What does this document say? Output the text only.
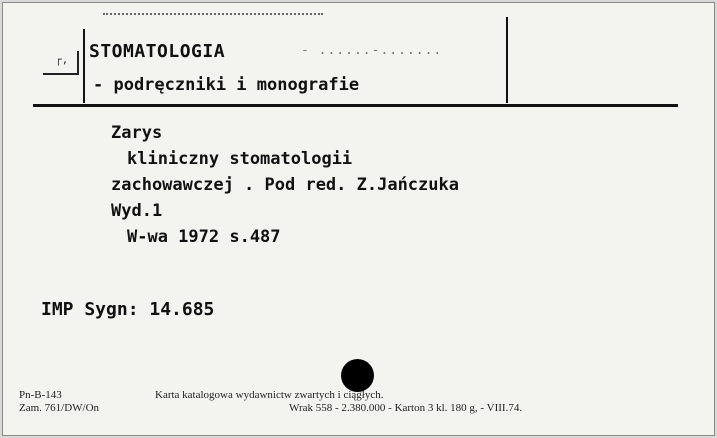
┌, STOMATOLOGIA	- ......-.......
- podręczniki i monografie
Zarys
kliniczny stomatologii
zachowawczej . Pod red. Z.Jańczuka
Wyd.1
W-wa 1972 s.487
IMP Sygn: 14.685
Pn-B-143	Karta katalogowa wydawnictw zwartych i ciągłych.
Zam. 761/DW/On	Wrak 558 - 2.380.000 - Karton 3 kl. 180 g, - VIII.74.
